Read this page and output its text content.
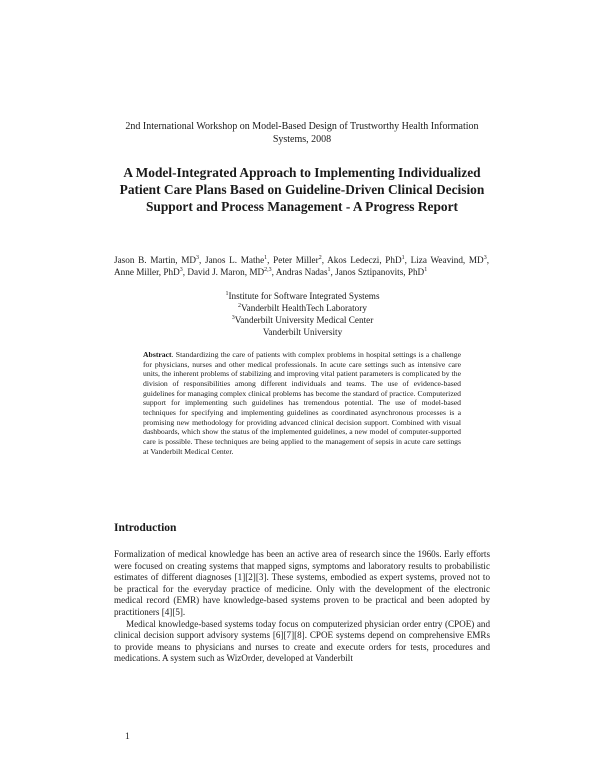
2nd International Workshop on Model-Based Design of Trustworthy Health Information Systems, 2008
A Model-Integrated Approach to Implementing Individualized Patient Care Plans Based on Guideline-Driven Clinical Decision Support and Process Management - A Progress Report
Jason B. Martin, $MD^3$, Janos L. Mathe$^1$, Peter Miller$^2$, Akos Ledeczi, PhD$^1$, Liza Weavind, $MD^3$, Anne Miller, PhD$^3$, David J. Maron, MD$^{2,3}$, Andras Nadas$^1$, Janos Sztipanovits, PhD$^1$
$^1$Institute for Software Integrated Systems
$^2$Vanderbilt HealthTech Laboratory
$^3$Vanderbilt University Medical Center
Vanderbilt University
Abstract. Standardizing the care of patients with complex problems in hospital settings is a challenge for physicians, nurses and other medical professionals. In acute care settings such as intensive care units, the inherent problems of stabilizing and improving vital patient parameters is complicated by the division of responsibilities among different individuals and teams. The use of evidence-based guidelines for managing complex clinical problems has become the standard of practice. Computerized support for implementing such guidelines has tremendous potential. The use of model-based techniques for specifying and implementing guidelines as coordinated asynchronous processes is a promising new methodology for providing advanced clinical decision support. Combined with visual dashboards, which show the status of the implemented guidelines, a new model of computer-supported care is possible. These techniques are being applied to the management of sepsis in acute care settings at Vanderbilt Medical Center.
Introduction

Formalization of medical knowledge has been an active area of research since the 1960s. Early efforts were focused on creating systems that mapped signs, symptoms and laboratory results to probabilistic estimates of different diagnoses [1][2][3]. These systems, embodied as expert systems, proved not to be practical for the everyday practice of medicine. Only with the development of the electronic medical record (EMR) have knowledge-based systems proven to be practical and been adopted by practitioners [4][5].

Medical knowledge-based systems today focus on computerized physician order entry (CPOE) and clinical decision support advisory systems [6][7][8]. CPOE systems depend on comprehensive EMRs to provide means to physicians and nurses to create and execute orders for tests, procedures and medications. A system such as WizOrder, developed at Vanderbilt

1
